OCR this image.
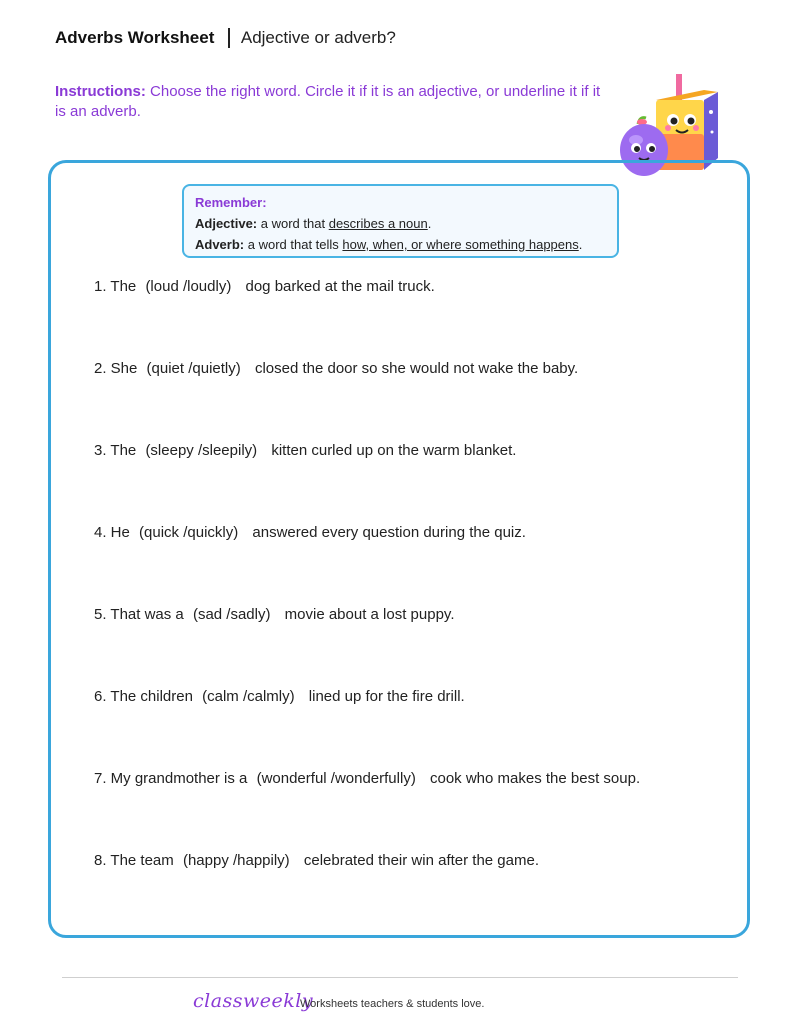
Adverbs Worksheet Adjective or adverb?
Instructions: Choose the right word. Circle it if it is an adjective, or underline it if it is an adverb.
Remember:
Adjective: a word that describes a noun.
Adverb: a word that tells how, when, or where something happens.
1. The (loud /loudly) dog barked at the mail truck.
2. She (quiet /quietly) closed the door so she would not wake the baby.
3. The (sleepy /sleepily) kitten curled up on the warm blanket.
4. He (quick /quickly) answered every question during the quiz.
5. That was a (sad /sadly) movie about a lost puppy.
6. The children (calm /calmly) lined up for the fire drill.
7. My grandmother is a (wonderful /wonderfully) cook who makes the best soup.
8. The team (happy /happily) celebrated their win after the game.
classweekly
Worksheets teachers & students love.
